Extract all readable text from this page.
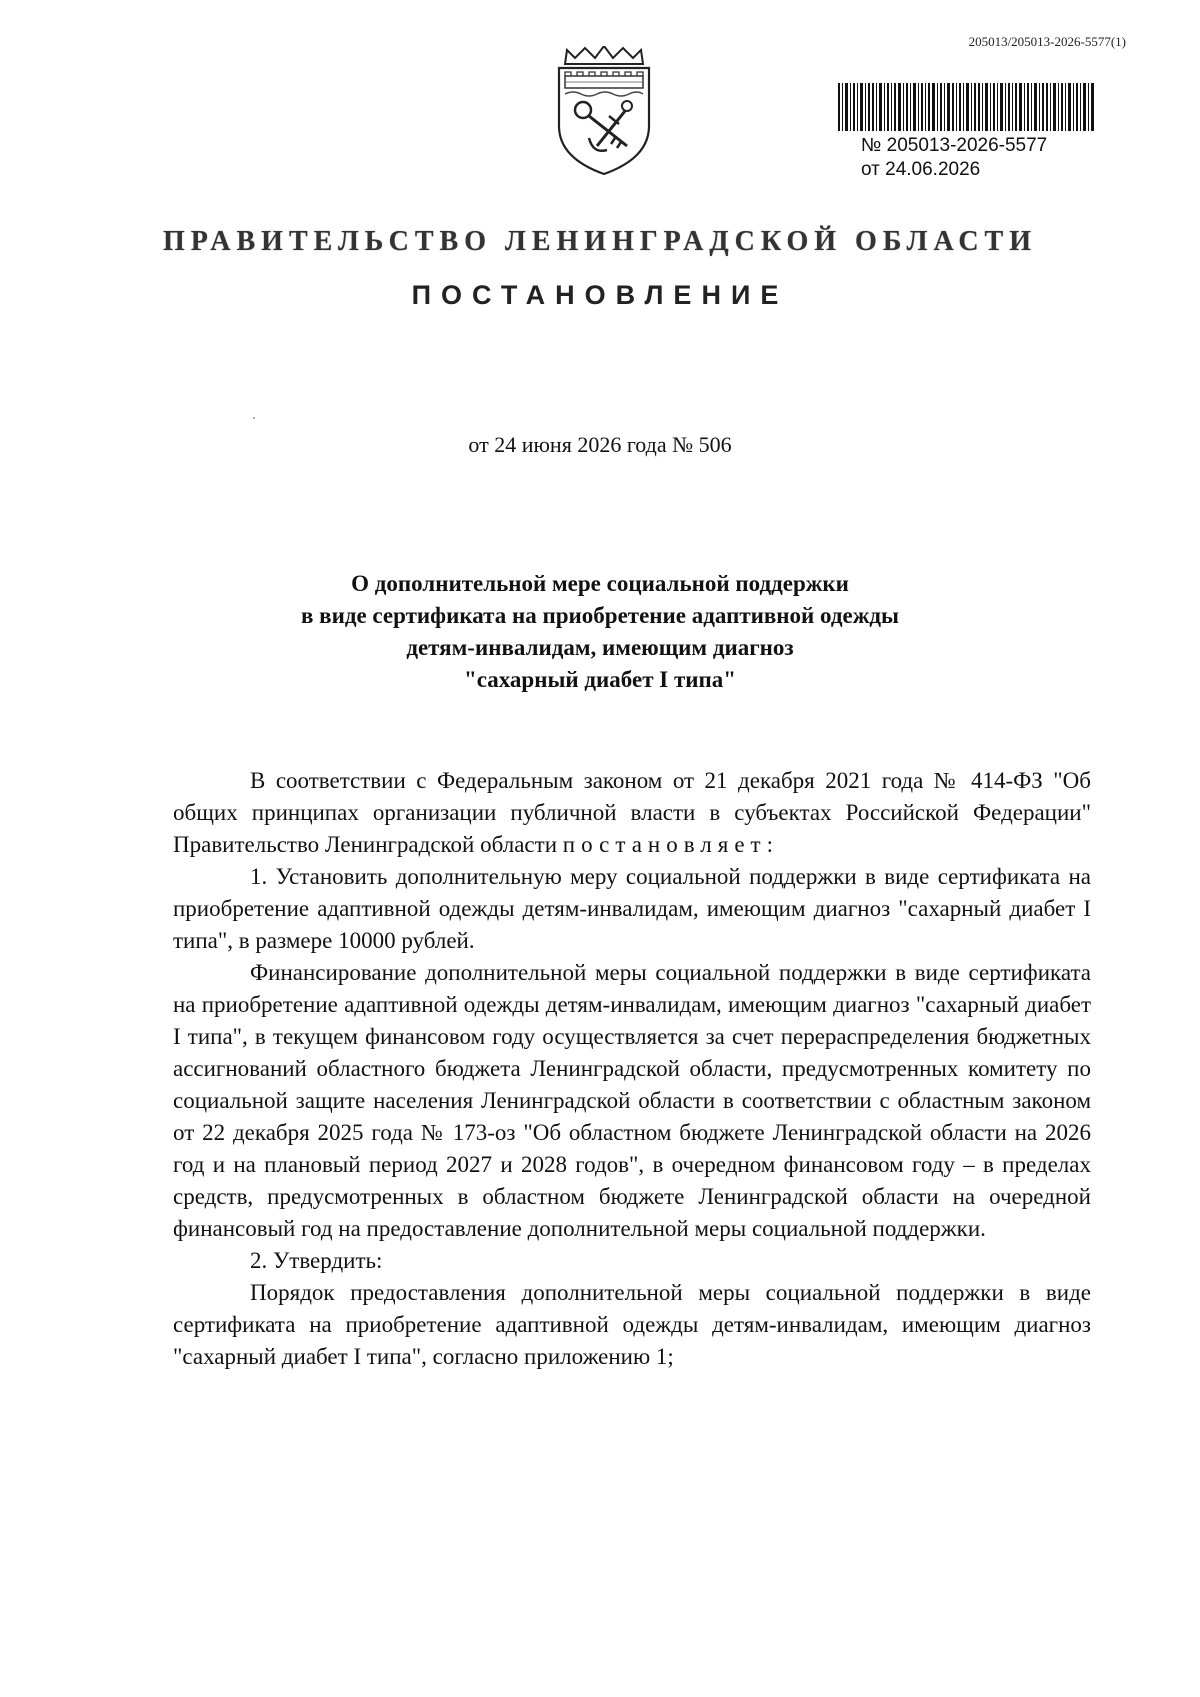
205013/205013-2026-5577(1)
№ 205013-2026-5577
от 24.06.2026
ПРАВИТЕЛЬСТВО ЛЕНИНГРАДСКОЙ ОБЛАСТИ
ПОСТАНОВЛЕНИЕ
от 24 июня 2026 года № 506
О дополнительной мере социальной поддержки
в виде сертификата на приобретение адаптивной одежды
детям-инвалидам, имеющим диагноз
"сахарный диабет I типа"

В соответствии с Федеральным законом от 21 декабря 2021 года № 414-ФЗ "Об общих принципах организации публичной власти в субъектах Российской Федерации" Правительство Ленинградской области постановляет:

1. Установить дополнительную меру социальной поддержки в виде сертификата на приобретение адаптивной одежды детям-инвалидам, имеющим диагноз "сахарный диабет I типа", в размере 10000 рублей.

Финансирование дополнительной меры социальной поддержки в виде сертификата на приобретение адаптивной одежды детям-инвалидам, имеющим диагноз "сахарный диабет I типа", в текущем финансовом году осуществляется за счет перераспределения бюджетных ассигнований областного бюджета Ленинградской области, предусмотренных комитету по социальной защите населения Ленинградской области в соответствии с областным законом от 22 декабря 2025 года № 173-оз "Об областном бюджете Ленинградской области на 2026 год и на плановый период 2027 и 2028 годов", в очередном финансовом году – в пределах средств, предусмотренных в областном бюджете Ленинградской области на очередной финансовый год на предоставление дополнительной меры социальной поддержки.

2. Утвердить:

Порядок предоставления дополнительной меры социальной поддержки в виде сертификата на приобретение адаптивной одежды детям-инвалидам, имеющим диагноз "сахарный диабет I типа", согласно приложению 1;
